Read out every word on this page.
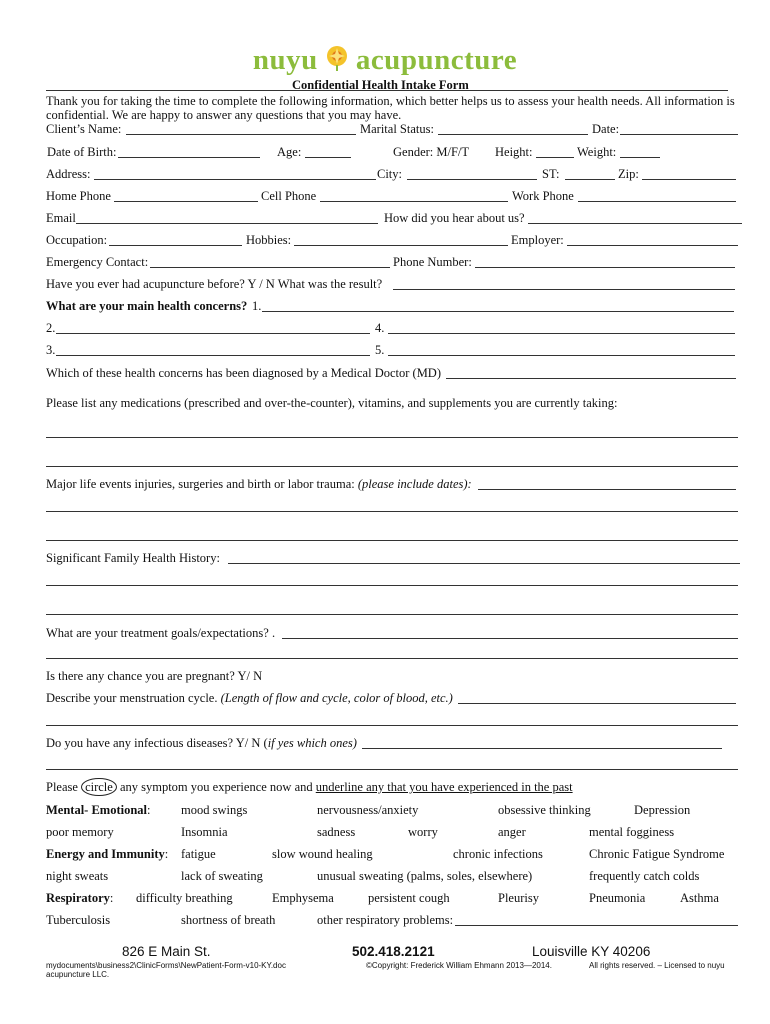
nuyu acupuncture
Confidential Health Intake Form
Thank you for taking the time to complete the following information, which better helps us to assess your health needs. All information is
confidential. We are happy to answer any questions that you may have.
Client’s Name:	Marital Status:	Date:
Date of Birth:	Age:	Gender: M/F/T Height:	Weight:
Address:	City:	ST:	Zip:
Home Phone	Cell Phone	Work Phone
Email	How did you hear about us?
Occupation:	Hobbies:	Employer:
Emergency Contact:	Phone Number:
Have you ever had acupuncture before? Y / N What was the result?
What are your main health concerns? 1.
2.	4.
3.	5.
Which of these health concerns has been diagnosed by a Medical Doctor (MD)
Please list any medications (prescribed and over-the-counter), vitamins, and supplements you are currently taking:
Major life events injuries, surgeries and birth or labor trauma: (please include dates):
Significant Family Health History:
What are your treatment goals/expectations? .
Is there any chance you are pregnant? Y/ N
Describe your menstruation cycle. (Length of flow and cycle, color of blood, etc.)
Do you have any infectious diseases? Y/ N (if yes which ones)
Please circle any symptom you experience now and underline any that you have experienced in the past
Mental- Emotional: mood swings	nervousness/anxiety	obsessive thinking	Depression
poor memory	Insomnia	sadness	worry	anger	mental fogginess
Energy and Immunity: fatigue	slow wound healing	chronic infections	Chronic Fatigue Syndrome
night sweats	lack of sweating	unusual sweating (palms, soles, elsewhere)	frequently catch colds
Respiratory: difficulty breathing	Emphysema	persistent cough	Pleurisy	Pneumonia	Asthma
Tuberculosis	shortness of breath	other respiratory problems:
826 E Main St.	502.418.2121	Louisville KY 40206
mydocuments\business2\ClinicForms\NewPatient-Form-v10-KY.doc
acupuncture LLC.
©Copyright: Frederick William Ehmann 2013—2014.	All rights reserved. – Licensed to nuyu
